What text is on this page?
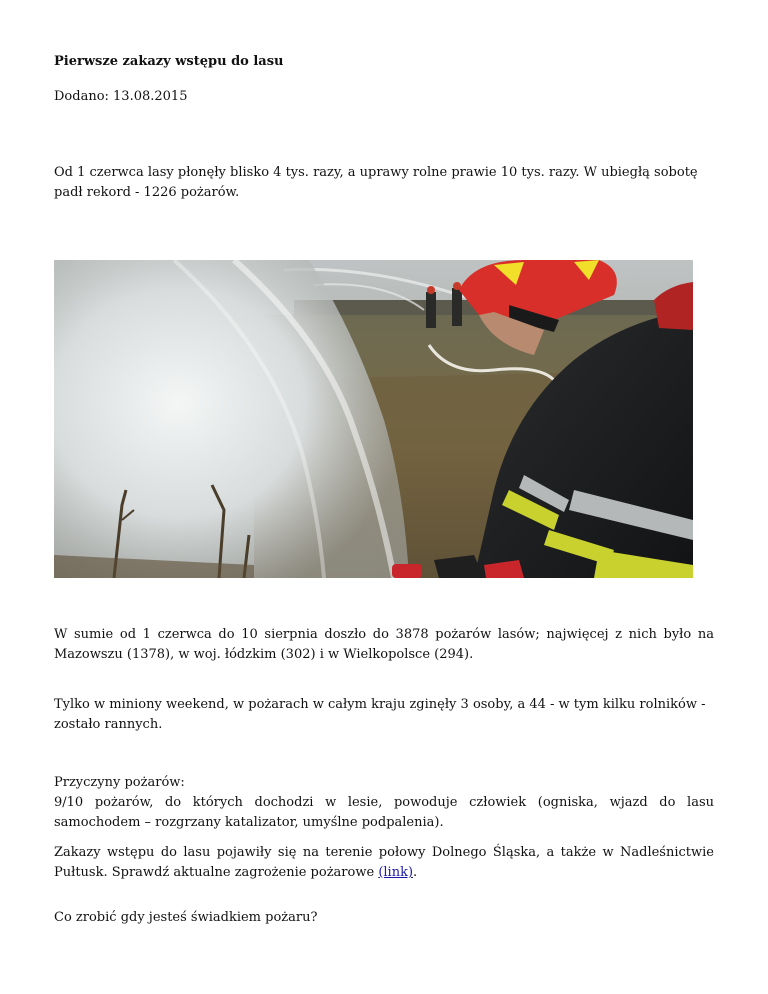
Pierwsze zakazy wstępu do lasu
Dodano: 13.08.2015
Od 1 czerwca lasy płonęły blisko 4 tys. razy, a uprawy rolne prawie 10 tys. razy. W ubiegłą sobotę padł rekord - 1226 pożarów.
W sumie od 1 czerwca do 10 sierpnia doszło do 3878 pożarów lasów; najwięcej z nich było na Mazowszu (1378), w woj. łódzkim (302) i w Wielkopolsce (294).
Tylko w miniony weekend, w pożarach w całym kraju zginęły 3 osoby, a 44 - w tym kilku rolników - zostało rannych.
Przyczyny pożarów:
9/10 pożarów, do których dochodzi w lesie, powoduje człowiek (ogniska, wjazd do lasu samochodem – rozgrzany katalizator, umyślne podpalenia).
Zakazy wstępu do lasu pojawiły się na terenie połowy Dolnego Śląska, a także w Nadleśnictwie Pułtusk. Sprawdź aktualne zagrożenie pożarowe (link).
Co zrobić gdy jesteś świadkiem pożaru?
